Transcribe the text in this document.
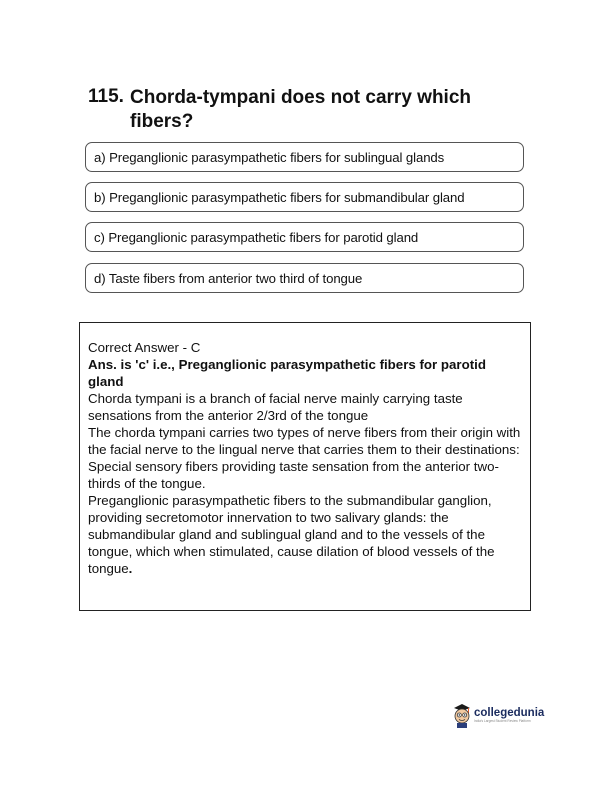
115. Chorda-tympani does not carry which fibers?
a) Preganglionic parasympathetic fibers for sublingual glands
b) Preganglionic parasympathetic fibers for submandibular gland
c) Preganglionic parasympathetic fibers for parotid gland
d) Taste fibers from anterior two third of tongue

Correct Answer - C

Ans. is 'c' i.e., Preganglionic parasympathetic fibers for parotid gland

Chorda tympani is a branch of facial nerve mainly carrying taste sensations from the anterior 2/3rd of the tongue

The chorda tympani carries two types of nerve fibers from their origin with the facial nerve to the lingual nerve that carries them to their destinations:

Special sensory fibers providing taste sensation from the anterior two-thirds of the tongue.

Preganglionic parasympathetic fibers to the submandibular ganglion, providing secretomotor innervation to two salivary glands: the submandibular gland and sublingual gland and to the vessels of the tongue, which when stimulated, cause dilation of blood vessels of the tongue.

collegedunia
India's Largest Student Review Platform
